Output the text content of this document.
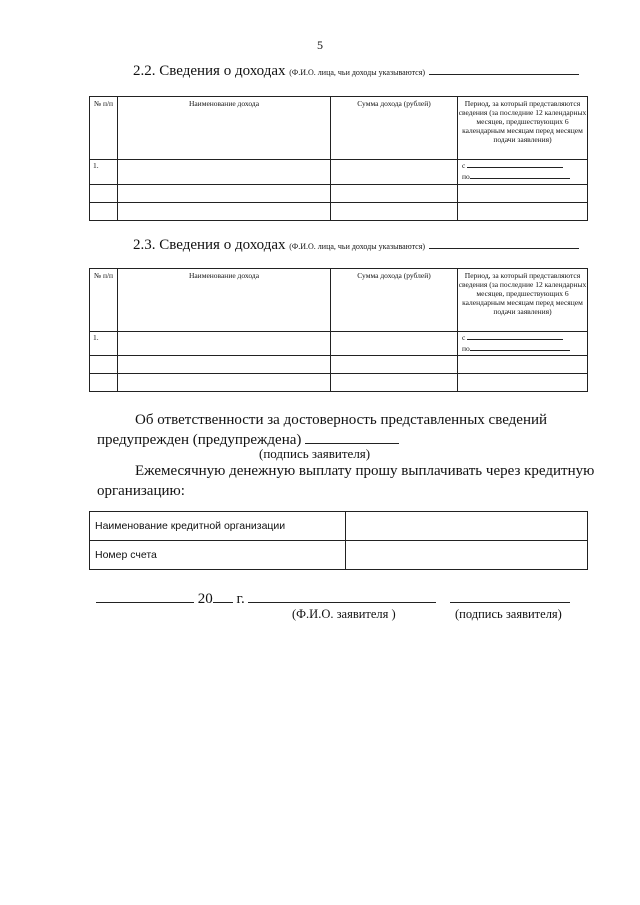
5
2.2. Сведения о доходах (Ф.И.О. лица, чьи доходы указываются)
№ п/п	Наименование дохода	Сумма дохода (рублей)	Период, за который представляются сведения (за последние 12 календарных месяцев, предшествующих 6 календарным месяцам перед месяцем подачи заявления)
1.			с
по

2.3. Сведения о доходах (Ф.И.О. лица, чьи доходы указываются)
№ п/п	Наименование дохода	Сумма дохода (рублей)	Период, за который представляются сведения (за последние 12 календарных месяцев, предшествующих 6 календарным месяцам перед месяцем подачи заявления)
1.			с
по

Об ответственности за достоверность представленных сведений предупрежден (предупреждена)
(подпись заявителя)
Ежемесячную денежную выплату прошу выплачивать через кредитную организацию:
Наименование кредитной организации	
Номер счета	
20 г.
(Ф.И.О. заявителя )	(подпись заявителя)
